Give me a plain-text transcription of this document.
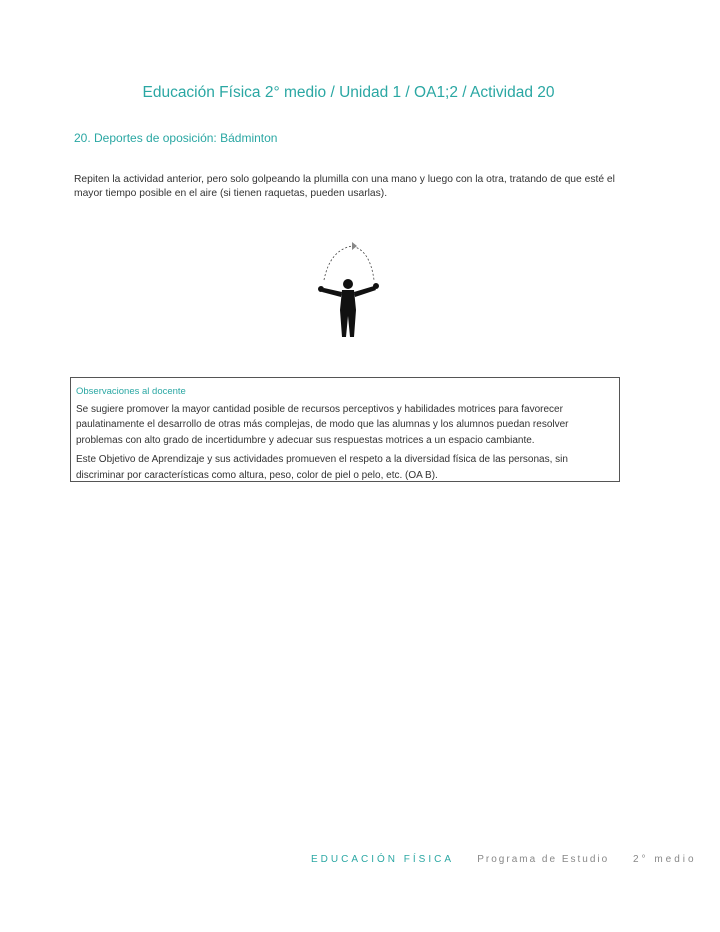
Educación Física 2° medio / Unidad 1 / OA1;2 / Actividad 20
20. Deportes de oposición: Bádminton
Repiten la actividad anterior, pero solo golpeando la plumilla con una mano y luego con la otra, tratando de que esté el mayor tiempo posible en el aire (si tienen raquetas, pueden usarlas).
Observaciones al docente

Se sugiere promover la mayor cantidad posible de recursos perceptivos y habilidades motrices para favorecer paulatinamente el desarrollo de otras más complejas, de modo que las alumnas y los alumnos puedan resolver problemas con alto grado de incertidumbre y adecuar sus respuestas motrices a un espacio cambiante.

Este Objetivo de Aprendizaje y sus actividades promueven el respeto a la diversidad física de las personas, sin discriminar por características como altura, peso, color de piel o pelo, etc. (OA B).

EDUCACIÓN FÍSICA Programa de Estudio 2° medio
